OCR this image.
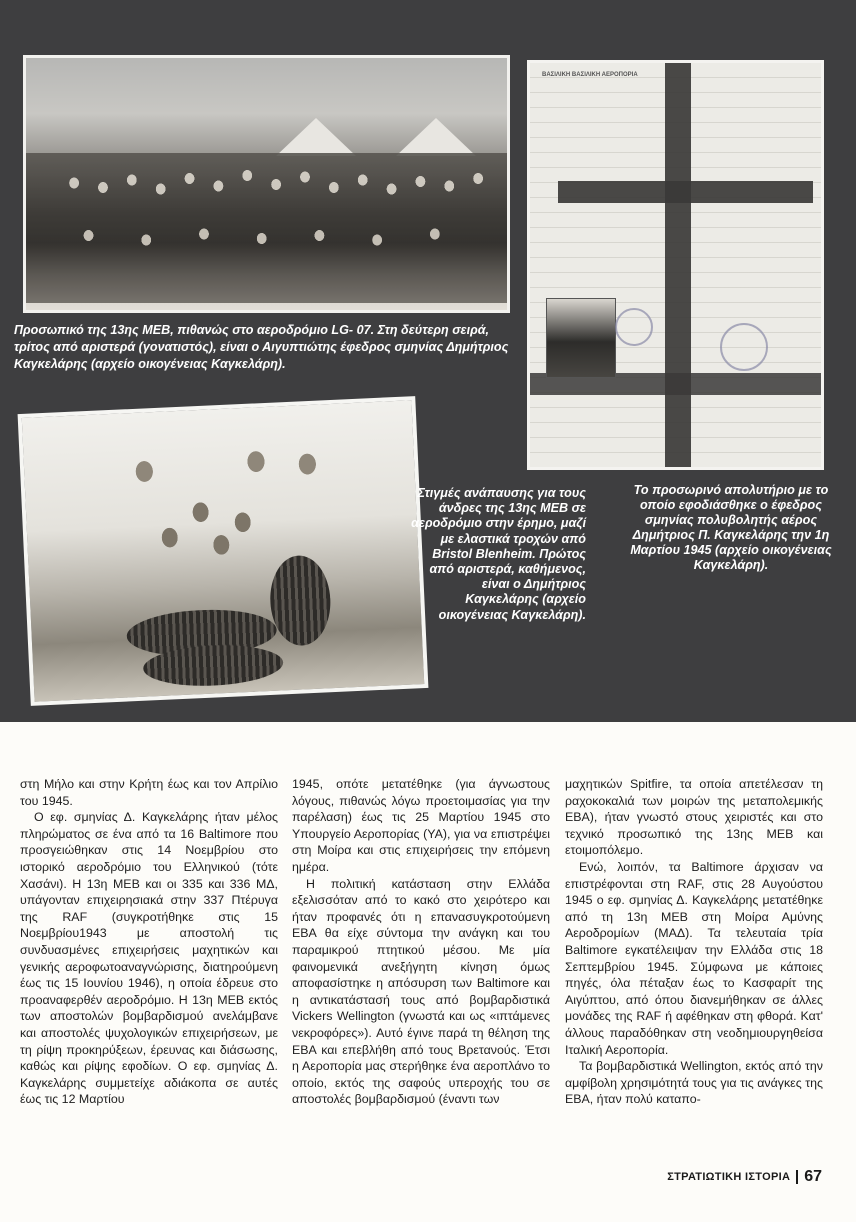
Προσωπικό της 13ης ΜΕΒ, πιθανώς στο αεροδρόμιο LG- 07. Στη δεύτερη σειρά, τρίτος από αριστερά (γονατιστός), είναι ο Αιγυπτιώτης έφεδρος σμηνίας Δημήτριος Καγκελάρης (αρχείο οικογένειας Καγκελάρη).
ΒΑΣΙΛΙΚΗ ΒΑΣΙΛΙΚΗ ΑΕΡΟΠΟΡΙΑ
Το προσωρινό απολυτήριο με το οποίο εφοδιάσθηκε ο έφεδρος σμηνίας πολυβολητής αέρος Δημήτριος Π. Καγκελάρης την 1η Μαρτίου 1945 (αρχείο οικογένειας Καγκελάρη).
Στιγμές ανάπαυσης για τους άνδρες της 13ης ΜΕΒ σε αεροδρόμιο στην έρημο, μαζί με ελαστικά τροχών από Bristol Blenheim. Πρώτος από αριστερά, καθήμενος, είναι ο Δημήτριος Καγκελάρης (αρχείο οικογένειας Καγκελάρη).

στη Μήλο και στην Κρήτη έως και τον Απρίλιο του 1945.

Ο εφ. σμηνίας Δ. Καγκελάρης ήταν μέλος πληρώματος σε ένα από τα 16 Baltimore που προσγειώθηκαν στις 14 Νοεμβρίου στο ιστορικό αεροδρόμιο του Ελληνικού (τότε Χασάνι). Η 13η ΜΕΒ και οι 335 και 336 ΜΔ, υπάγονταν επιχειρησιακά στην 337 Πτέρυγα της RAF (συγκροτήθηκε στις 15 Νοεμβρίου1943 με αποστολή τις συνδυασμένες επιχειρήσεις μαχητικών και γενικής αεροφωτοαναγνώρισης, διατηρούμενη έως τις 15 Ιουνίου 1946), η οποία έδρευε στο προαναφερθέν αεροδρόμιο. Η 13η ΜΕΒ εκτός των αποστολών βομβαρδισμού ανελάμβανε και αποστολές ψυχολογικών επιχειρήσεων, με τη ρίψη προκηρύξεων, έρευνας και διάσωσης, καθώς και ρίψης εφοδίων. Ο εφ. σμηνίας Δ. Καγκελάρης συμμετείχε αδιάκοπα σε αυτές έως τις 12 Μαρτίου

1945, οπότε μετατέθηκε (για άγνωστους λόγους, πιθανώς λόγω προετοιμασίας για την παρέλαση) έως τις 25 Μαρτίου 1945 στο Υπουργείο Αεροπορίας (ΥΑ), για να επιστρέψει στη Μοίρα και στις επιχειρήσεις την επόμενη ημέρα.

Η πολιτική κατάσταση στην Ελλάδα εξελισσόταν από το κακό στο χειρότερο και ήταν προφανές ότι η επανασυγκροτούμενη ΕΒΑ θα είχε σύντομα την ανάγκη και του παραμικρού πτητικού μέσου. Με μία φαινομενικά ανεξήγητη κίνηση όμως αποφασίστηκε η απόσυρση των Baltimore και η αντικατάστασή τους από βομβαρδιστικά Vickers Wellington (γνωστά και ως «ιπτάμενες νεκροφόρες»). Αυτό έγινε παρά τη θέληση της ΕΒΑ και επεβλήθη από τους Βρετανούς. Έτσι η Αεροπορία μας στερήθηκε ένα αεροπλάνο το οποίο, εκτός της σαφούς υπεροχής του σε αποστολές βομβαρδισμού (έναντι των

μαχητικών Spitfire, τα οποία απετέλεσαν τη ραχοκοκαλιά των μοιρών της μεταπολεμικής ΕΒΑ), ήταν γνωστό στους χειριστές και στο τεχνικό προσωπικό της 13ης ΜΕΒ και ετοιμοπόλεμο.

Ενώ, λοιπόν, τα Baltimore άρχισαν να επιστρέφονται στη RAF, στις 28 Αυγούστου 1945 ο εφ. σμηνίας Δ. Καγκελάρης μετατέθηκε από τη 13η ΜΕΒ στη Μοίρα Αμύνης Αεροδρομίων (ΜΑΔ). Τα τελευταία τρία Baltimore εγκατέλειψαν την Ελλάδα στις 18 Σεπτεμβρίου 1945. Σύμφωνα με κάποιες πηγές, όλα πέταξαν έως το Κασφαρίτ της Αιγύπτου, από όπου διανεμήθηκαν σε άλλες μονάδες της RAF ή αφέθηκαν στη φθορά. Κατ' άλλους παραδόθηκαν στη νεοδημιουργηθείσα Ιταλική Αεροπορία.

Τα βομβαρδιστικά Wellington, εκτός από την αμφίβολη χρησιμότητά τους για τις ανάγκες της ΕΒΑ, ήταν πολύ καταπο-

ΣΤΡΑΤΙΩΤΙΚΗ ΙΣΤΟΡΙΑ 67
